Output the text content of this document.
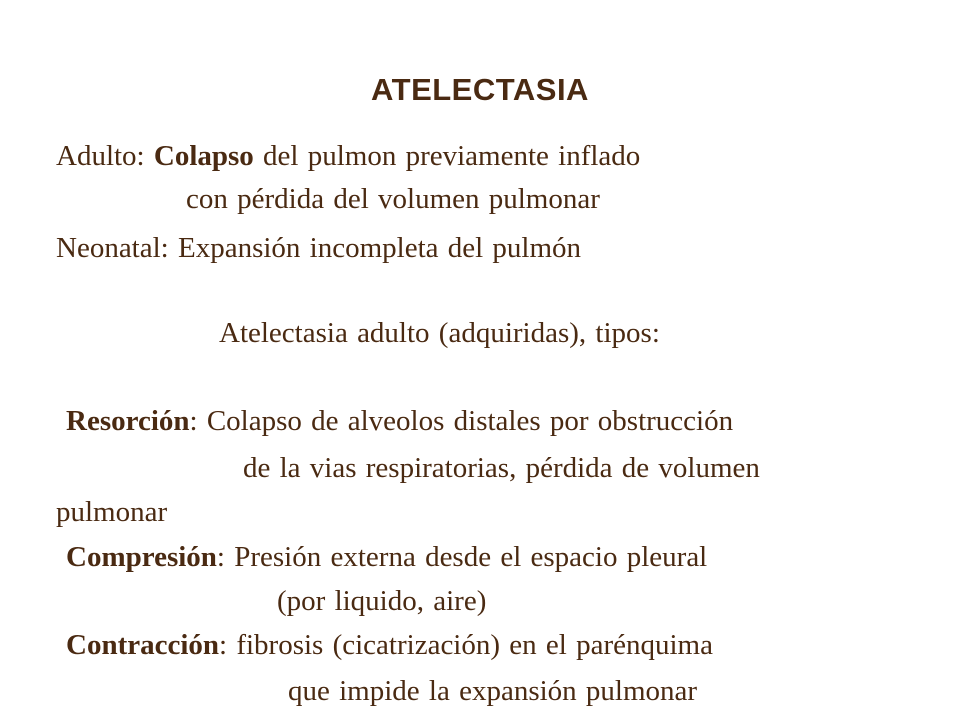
ATELECTASIA
Adulto: Colapso del pulmon previamente inflado
con pérdida del volumen pulmonar
Neonatal: Expansión incompleta del pulmón
Atelectasia adulto (adquiridas), tipos:
Resorción: Colapso de alveolos distales por obstrucción
de la vias respiratorias, pérdida de volumen
pulmonar
Compresión: Presión externa desde el espacio pleural
(por liquido, aire)
Contracción: fibrosis (cicatrización) en el parénquima
que impide la expansión pulmonar
